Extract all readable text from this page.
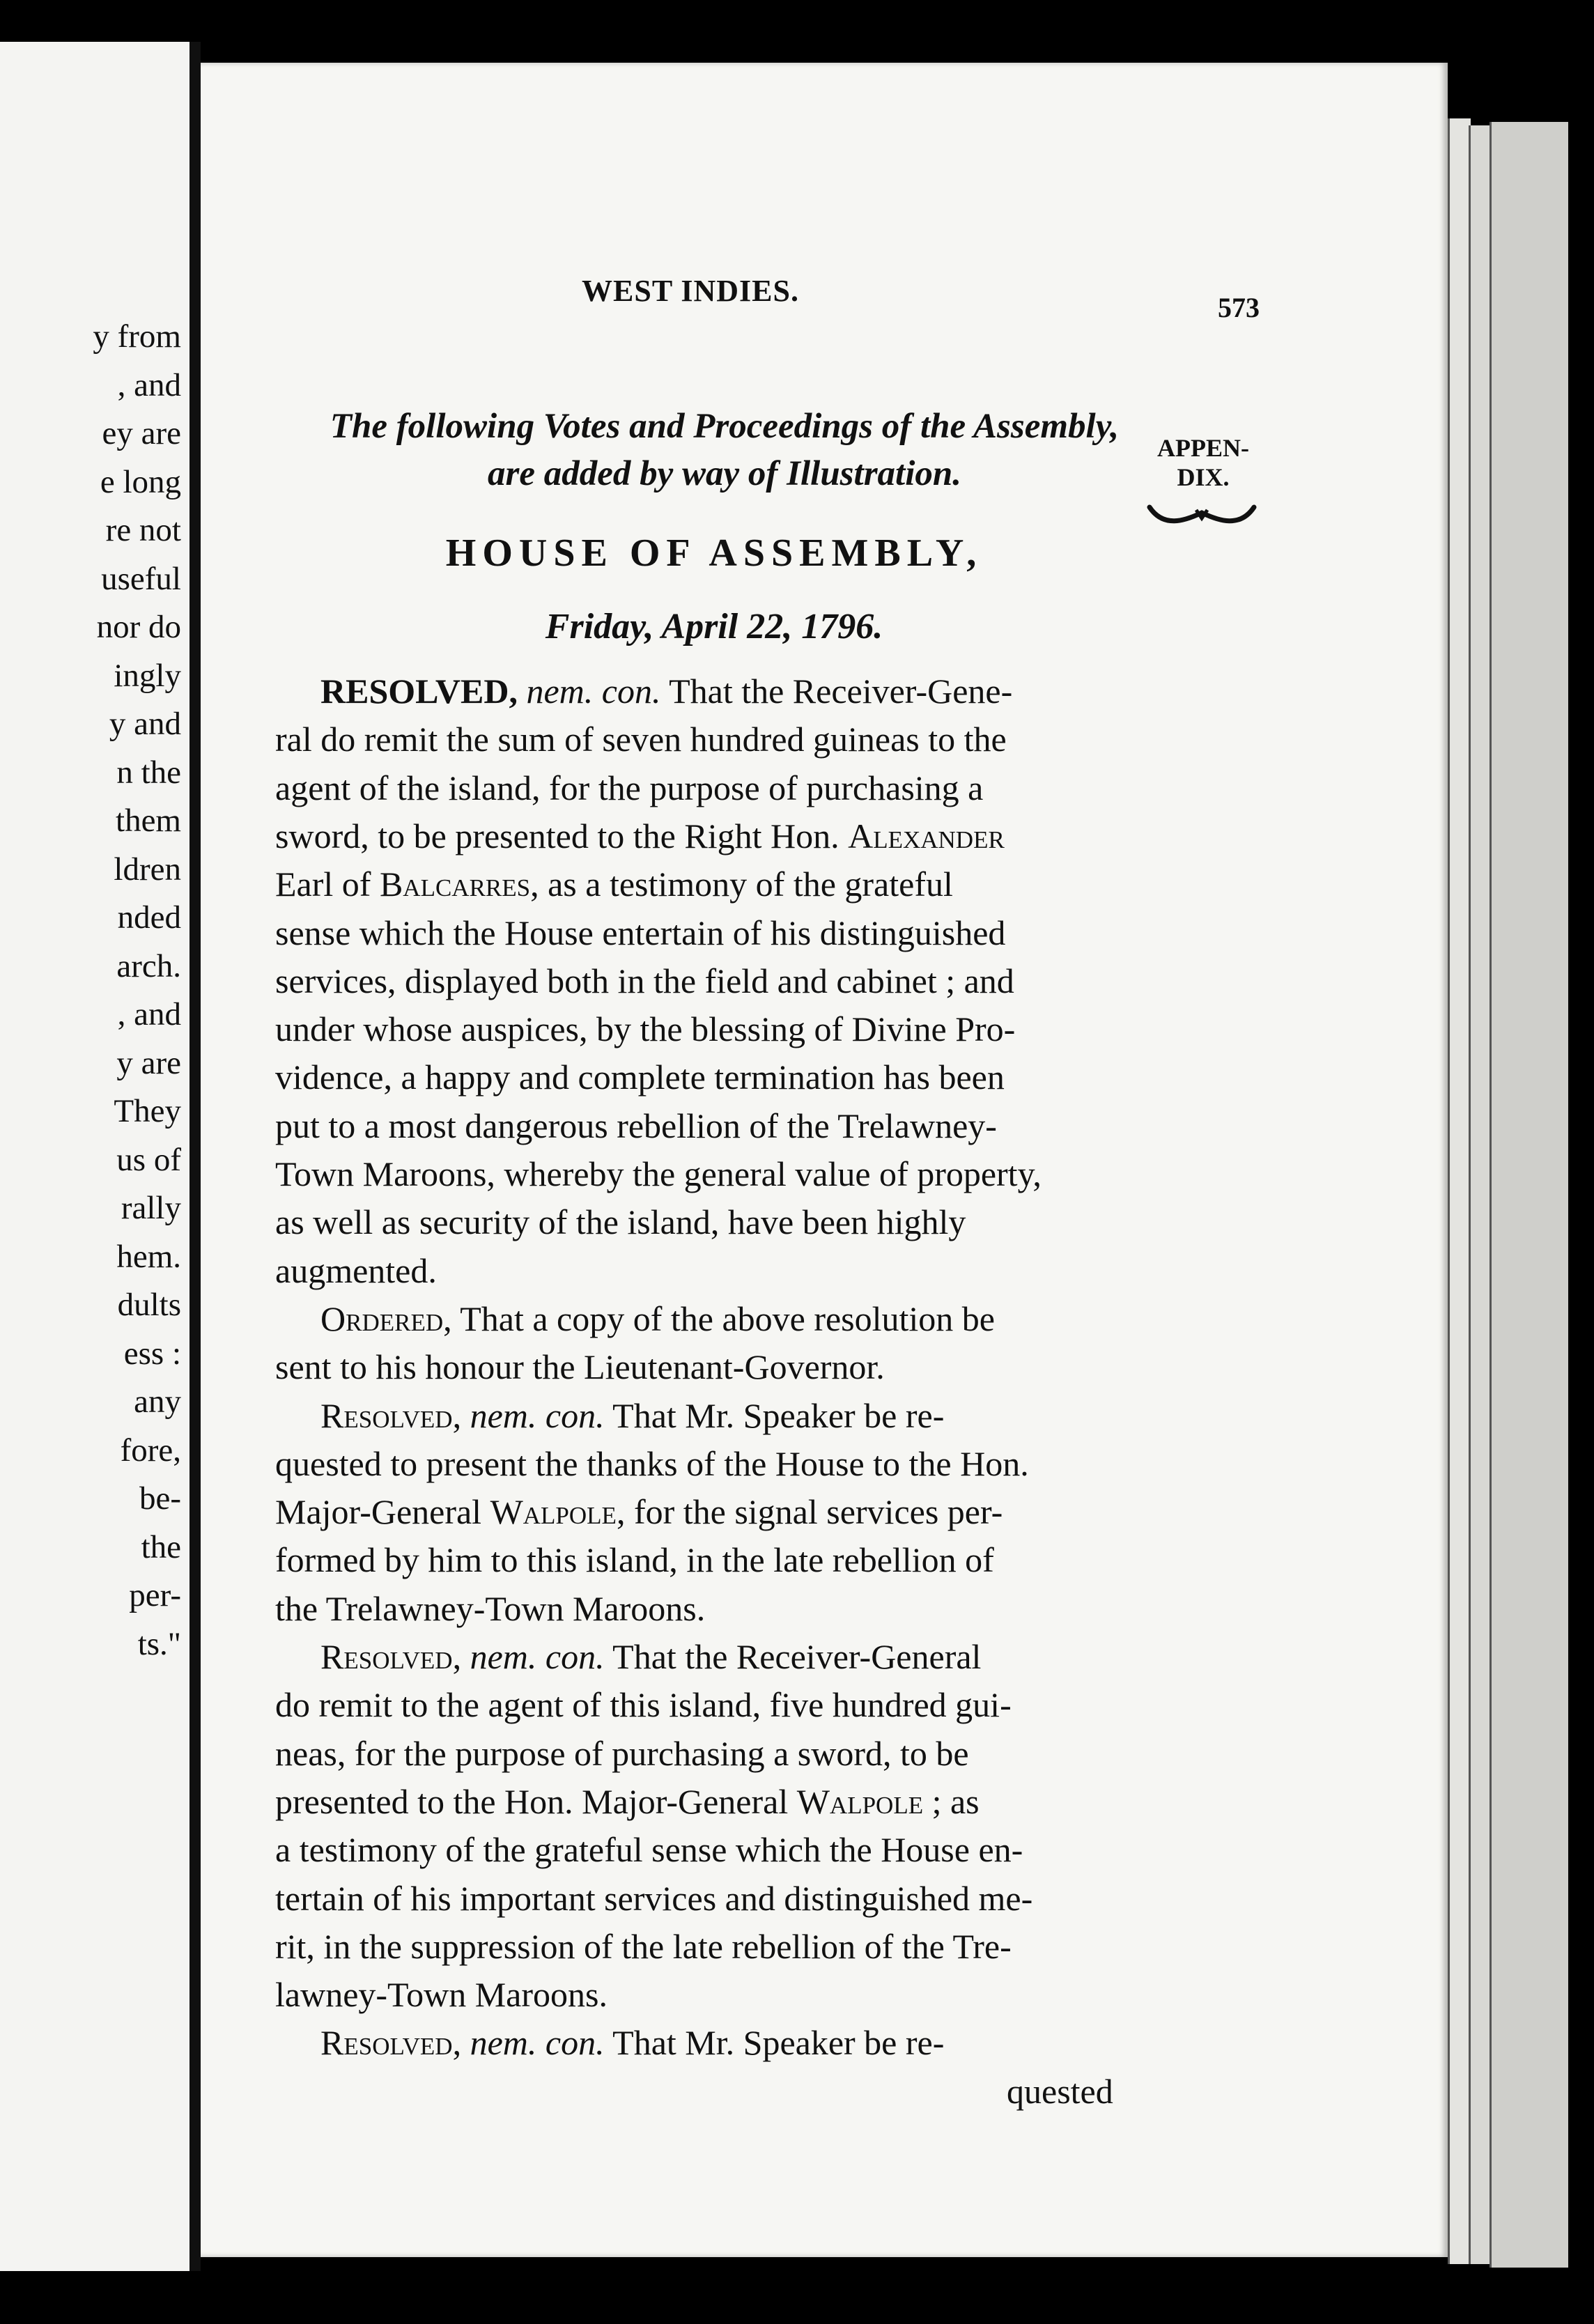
y from
, and
ey are
e long
re not
useful
nor do
ingly
y and
n the
them
ldren
nded
arch.
, and
y are
They
us of
rally
hem.
dults
ess :
any
fore,
be-
the
per-
ts."
WEST INDIES.	573
APPEN-
DIX.
The following Votes and Proceedings of the Assembly,
are added by way of Illustration.
HOUSE OF ASSEMBLY,
Friday, April 22, 1796.
RESOLVED, nem. con. That the Receiver-Gene-
ral do remit the sum of seven hundred guineas to the
agent of the island, for the purpose of purchasing a
sword, to be presented to the Right Hon. Alexander
Earl of Balcarres, as a testimony of the grateful
sense which the House entertain of his distinguished
services, displayed both in the field and cabinet ; and
under whose auspices, by the blessing of Divine Pro-
vidence, a happy and complete termination has been
put to a most dangerous rebellion of the Trelawney-
Town Maroons, whereby the general value of property,
as well as security of the island, have been highly
augmented.
Ordered, That a copy of the above resolution be
sent to his honour the Lieutenant-Governor.
Resolved, nem. con. That Mr. Speaker be re-
quested to present the thanks of the House to the Hon.
Major-General Walpole, for the signal services per-
formed by him to this island, in the late rebellion of
the Trelawney-Town Maroons.
Resolved, nem. con. That the Receiver-General
do remit to the agent of this island, five hundred gui-
neas, for the purpose of purchasing a sword, to be
presented to the Hon. Major-General Walpole ; as
a testimony of the grateful sense which the House en-
tertain of his important services and distinguished me-
rit, in the suppression of the late rebellion of the Tre-
lawney-Town Maroons.
Resolved, nem. con. That Mr. Speaker be re-
quested
